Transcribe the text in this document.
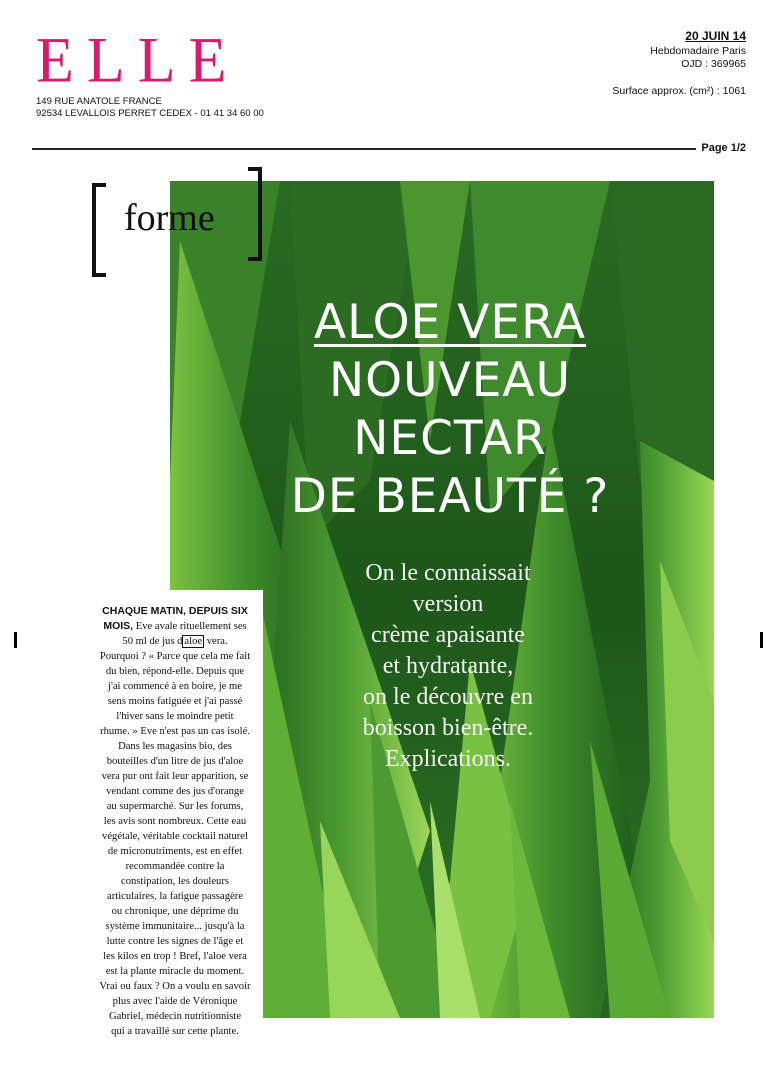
ELLE
149 RUE ANATOLE FRANCE
92534 LEVALLOIS PERRET CEDEX - 01 41 34 60 00
20 JUIN 14
Hebdomadaire Paris
OJD : 369965
Surface approx. (cm²) : 1061
Page 1/2
forme
ALOE VERA
NOUVEAU
NECTAR
DE BEAUTÉ ?
On le connaissait
version
crème apaisante
et hydratante,
on le découvre en
boisson bien-être.
Explications.
CHAQUE MATIN, DEPUIS SIX
MOIS, Eve avale rituellement ses
50 ml de jus d aloe vera.
Pourquoi ? « Parce que cela me fait
du bien, répond-elle. Depuis que
j'ai commencé à en boire, je me
sens moins fatiguée et j'ai passé
l'hiver sans le moindre petit
rhume. » Eve n'est pas un cas isolé.
Dans les magasins bio, des
bouteilles d'un litre de jus d'aloe
vera pur ont fait leur apparition, se
vendant comme des jus d'orange
au supermarché. Sur les forums,
les avis sont nombreux. Cette eau
végétale, véritable cocktail naturel
de micronutriments, est en effet
recommandée contre la
constipation, les douleurs
articulaires, la fatigue passagère
ou chronique, une déprime du
système immunitaire... jusqu'à la
lutte contre les signes de l'âge et
les kilos en trop ! Bref, l'aloe vera
est la plante miracle du moment.
Vrai ou faux ? On a voulu en savoir
plus avec l'aide de Véronique
Gabriel, médecin nutritionniste
qui a travaillé sur cette plante.
